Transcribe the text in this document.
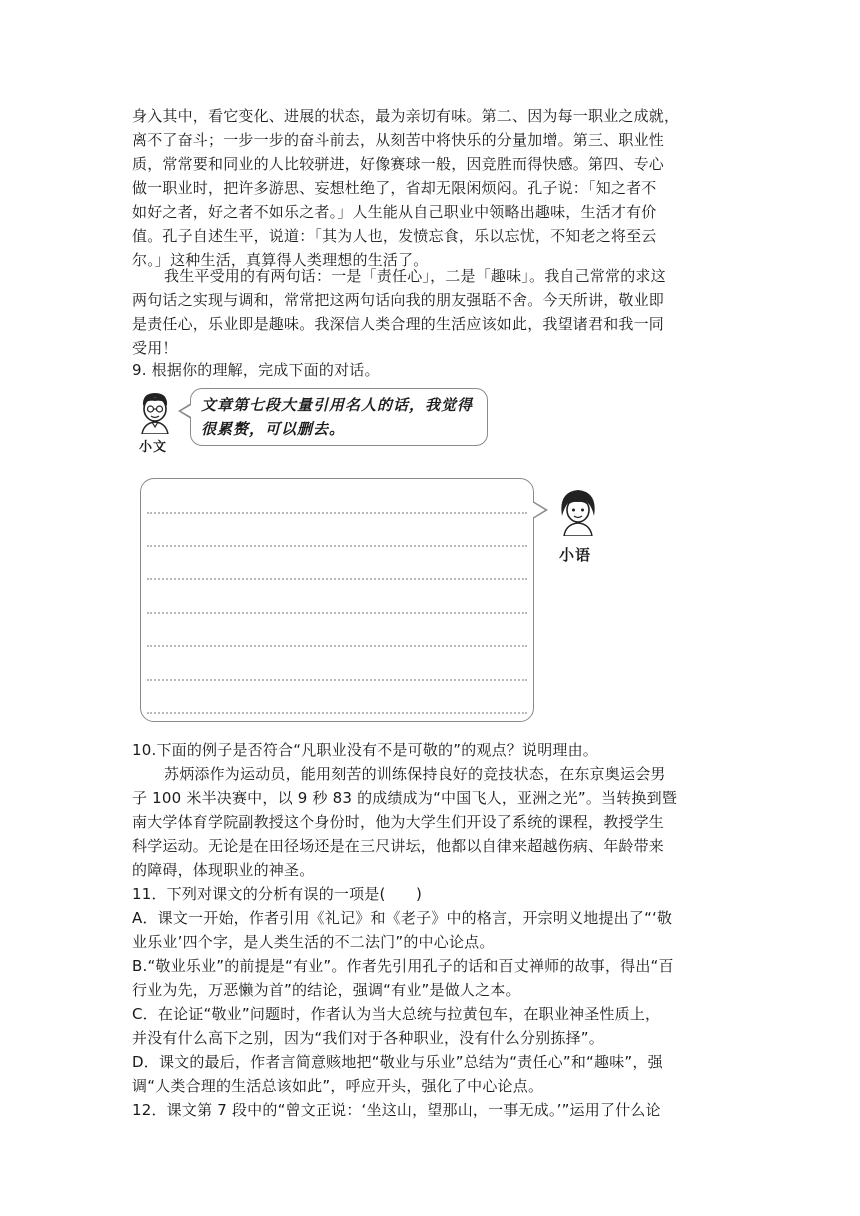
身入其中，看它变化、进展的状态，最为亲切有味。第二、因为每一职业之成就，
离不了奋斗；一步一步的奋斗前去，从刻苦中将快乐的分量加增。第三、职业性
质，常常要和同业的人比较骈进，好像赛球一般，因竞胜而得快感。第四、专心
做一职业时，把许多游思、妄想杜绝了，省却无限闲烦闷。孔子说：「知之者不
如好之者，好之者不如乐之者。」人生能从自己职业中领略出趣味，生活才有价
值。孔子自述生平，说道：「其为人也，发愤忘食，乐以忘忧，不知老之将至云
尔。」这种生活，真算得人类理想的生活了。
我生平受用的有两句话：一是「责任心」，二是「趣味」。我自己常常的求这
两句话之实现与调和，常常把这两句话向我的朋友强聒不舍。今天所讲，敬业即
是责任心，乐业即是趣味。我深信人类合理的生活应该如此，我望诸君和我一同
受用！
9. 根据你的理解，完成下面的对话。
小文
文章第七段大量引用名人的话，我觉得很累赘，可以删去。
小语
10.下面的例子是否符合“凡职业没有不是可敬的”的观点？说明理由。
苏炳添作为运动员，能用刻苦的训练保持良好的竞技状态，在东京奥运会男
子 100 米半决赛中，以 9 秒 83 的成绩成为“中国飞人，亚洲之光”。当转换到暨
南大学体育学院副教授这个身份时，他为大学生们开设了系统的课程，教授学生
科学运动。无论是在田径场还是在三尺讲坛，他都以自律来超越伤病、年龄带来
的障碍，体现职业的神圣。
11．下列对课文的分析有误的一项是(　　)
A．课文一开始，作者引用《礼记》和《老子》中的格言，开宗明义地提出了“‘敬
业乐业’四个字，是人类生活的不二法门”的中心论点。
B.“敬业乐业”的前提是“有业”。作者先引用孔子的话和百丈禅师的故事，得出“百
行业为先，万恶懒为首”的结论，强调“有业”是做人之本。
C．在论证“敬业”问题时，作者认为当大总统与拉黄包车，在职业神圣性质上，
并没有什么高下之别，因为“我们对于各种职业，没有什么分别拣择”。
D．课文的最后，作者言简意赅地把“敬业与乐业”总结为“责任心”和“趣味”，强
调“人类合理的生活总该如此”，呼应开头，强化了中心论点。
12．课文第 7 段中的“曾文正说：‘坐这山，望那山，一事无成。’”运用了什么论
